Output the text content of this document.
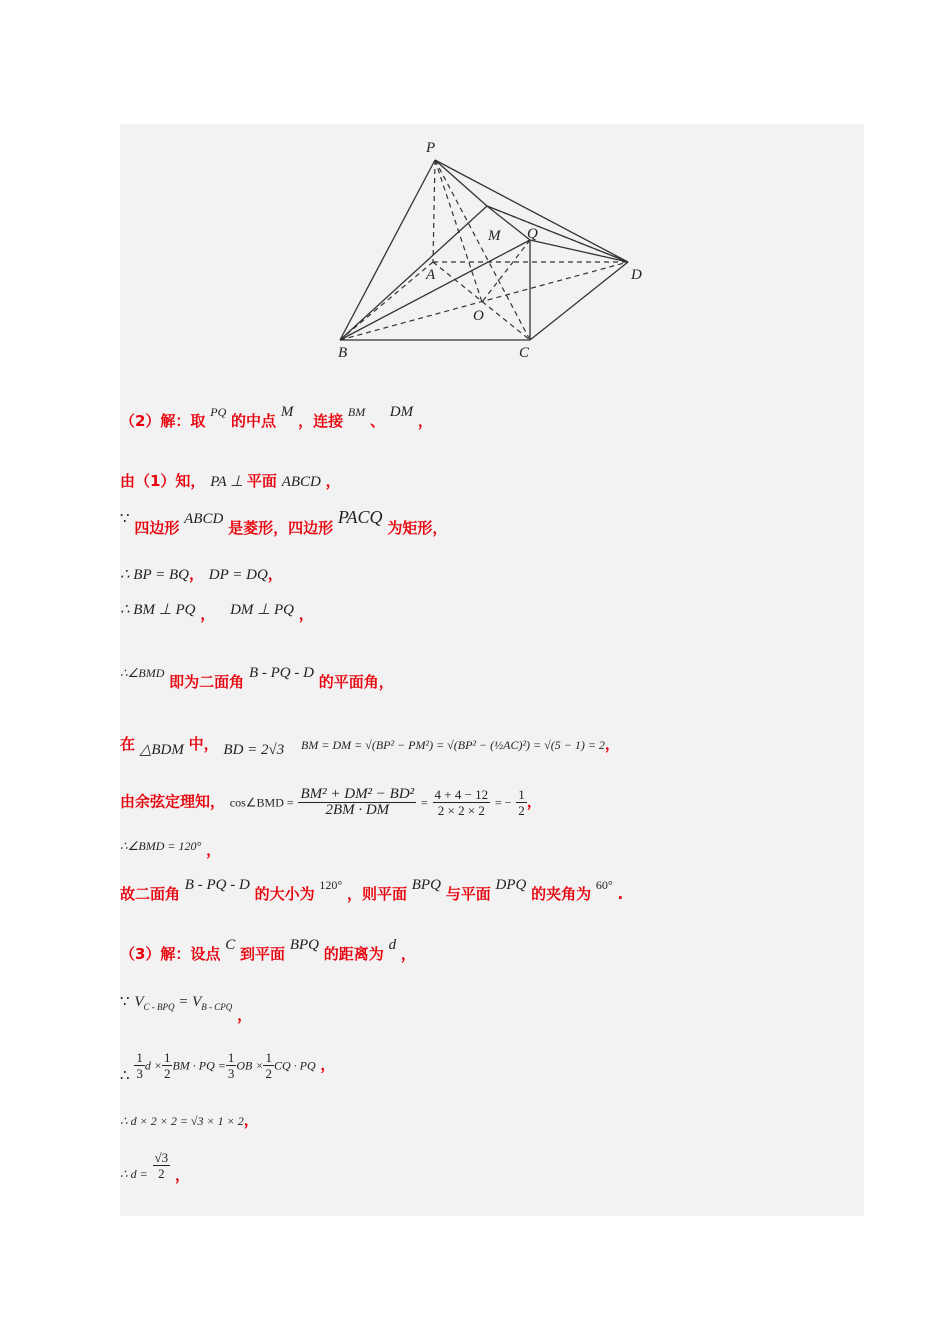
P
M Q
A	D
O
B	C
（2）解：取 $^{PQ}$ 的中点 M ，连接 $^{BM}$ 、 DM ，
由（1）知， PA ⊥ 平面 ABCD ，
∵ 四边形 ABCD 是菱形，四边形 PACQ 为矩形，
∴ BP = BQ， DP = DQ，
∴ BM ⊥ PQ ， DM ⊥ PQ ，
$^{\therefore\angle BMD}$ 即为二面角 B - PQ - D 的平面角，
在 △BDM 中， BD = 2√3 BM = DM = √(BP² − PM²) = √(BP² − (½AC)²) = √(5 − 1) = 2，
由余弦定理知， cos∠BMD = $\frac{\text{BM² + DM² − BD²}}{2BM \cdot DM} = \frac{4 + 4 - 12}{2 \times 2 \times 2}$ = − $\frac{1}{2}$ ，
∴∠BMD = 120° ，
故二面角 B - PQ - D 的大小为 $^{120^\circ}$ ，则平面 BPQ 与平面 DPQ 的夹角为 $^{60^\circ}$ .
（3）解：设点 C 到平面 BPQ 的距离为 d ，
∵ $V_{C - BPQ} = V_{B - CPQ}$ ，
∴ $\frac{1}{3}$ $d \times \frac{1}{2}$ BM · PQ = $\frac{1}{3}$ OB × $\frac{1}{2}$ CQ · PQ ，
∴ d × 2 × 2 = √3 × 1 × 2，
$_{\therefore d =} \frac{√3}{2}$ ，
